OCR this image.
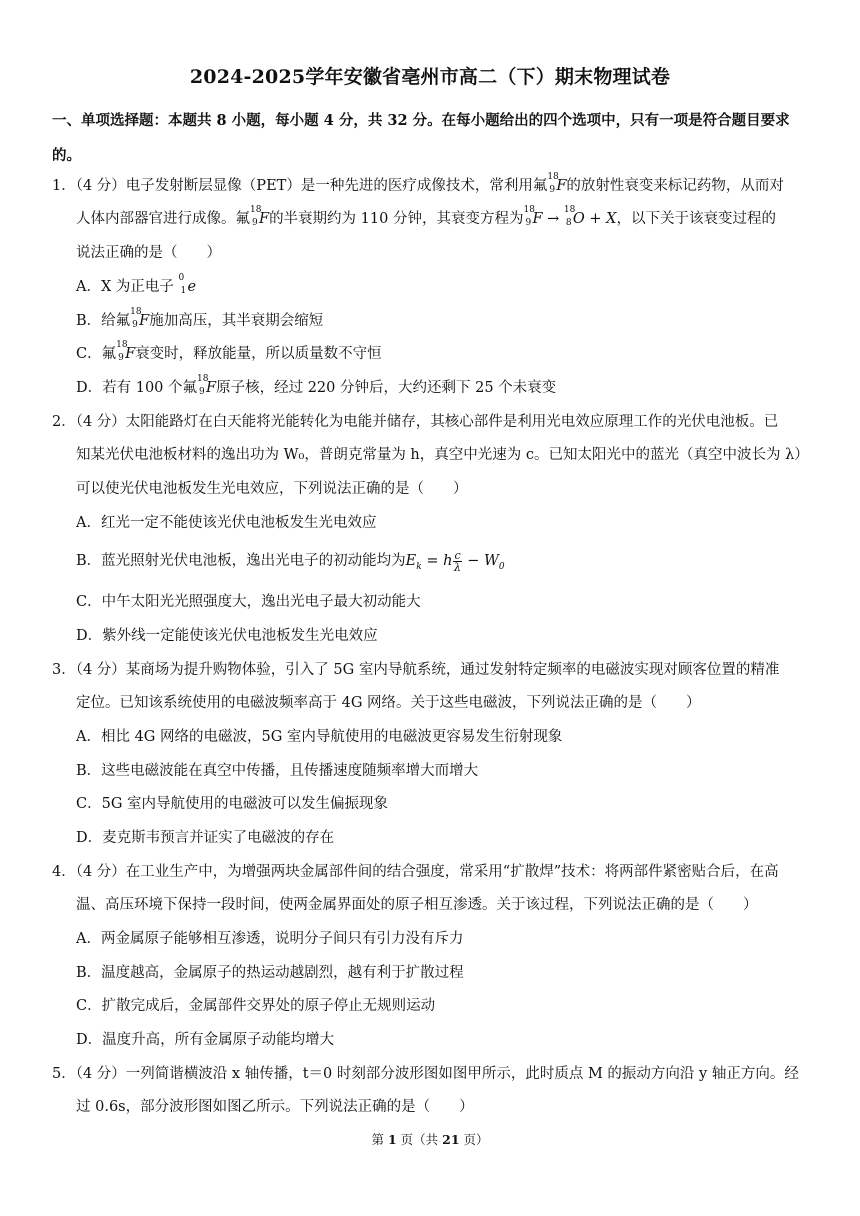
2024-2025学年安徽省亳州市高二（下）期末物理试卷
一、单项选择题：本题共 8 小题，每小题 4 分，共 32 分。在每小题给出的四个选项中，只有一项是符合题目要求
的。
1．（4 分）电子发射断层显像（PET）是一种先进的医疗成像技术，常利用氟
18
9 F的放射性衰变来标记药物，从而对
人体内部器官进行成像。氟
18
9 F的半衰期约为 110 分钟，其衰变方程为
18
9 F →
18
8 O + X，以下关于该衰变过程的
说法正确的是（　　）
A．X 为正电子
0
1 e
B．给氟
18
9 F施加高压，其半衰期会缩短
C．氟
18
9 F衰变时，释放能量，所以质量数不守恒
D．若有 100 个氟
18
9 F原子核，经过 220 分钟后，大约还剩下 25 个未衰变
2．（4 分）太阳能路灯在白天能将光能转化为电能并储存，其核心部件是利用光电效应原理工作的光伏电池板。已
知某光伏电池板材料的逸出功为 W₀，普朗克常量为 h，真空中光速为 c。已知太阳光中的蓝光（真空中波长为 λ）
可以使光伏电池板发生光电效应，下列说法正确的是（　　）
A．红光一定不能使该光伏电池板发生光电效应
B．蓝光照射光伏电池板，逸出光电子的初动能均为$E_k = h \frac{c}{\lambda} - W_0$
C．中午太阳光光照强度大，逸出光电子最大初动能大
D．紫外线一定能使该光伏电池板发生光电效应
3．（4 分）某商场为提升购物体验，引入了 5G 室内导航系统，通过发射特定频率的电磁波实现对顾客位置的精准
定位。已知该系统使用的电磁波频率高于 4G 网络。关于这些电磁波，下列说法正确的是（　　）
A．相比 4G 网络的电磁波，5G 室内导航使用的电磁波更容易发生衍射现象
B．这些电磁波能在真空中传播，且传播速度随频率增大而增大
C．5G 室内导航使用的电磁波可以发生偏振现象
D．麦克斯韦预言并证实了电磁波的存在
4．（4 分）在工业生产中，为增强两块金属部件间的结合强度，常采用“扩散焊”技术：将两部件紧密贴合后，在高
温、高压环境下保持一段时间，使两金属界面处的原子相互渗透。关于该过程，下列说法正确的是（　　）
A．两金属原子能够相互渗透，说明分子间只有引力没有斥力
B．温度越高，金属原子的热运动越剧烈，越有利于扩散过程
C．扩散完成后，金属部件交界处的原子停止无规则运动
D．温度升高，所有金属原子动能均增大
5．（4 分）一列简谐横波沿 x 轴传播，t＝0 时刻部分波形图如图甲所示，此时质点 M 的振动方向沿 y 轴正方向。经
过 0.6s，部分波形图如图乙所示。下列说法正确的是（　　）
第 1 页（共 21 页）
